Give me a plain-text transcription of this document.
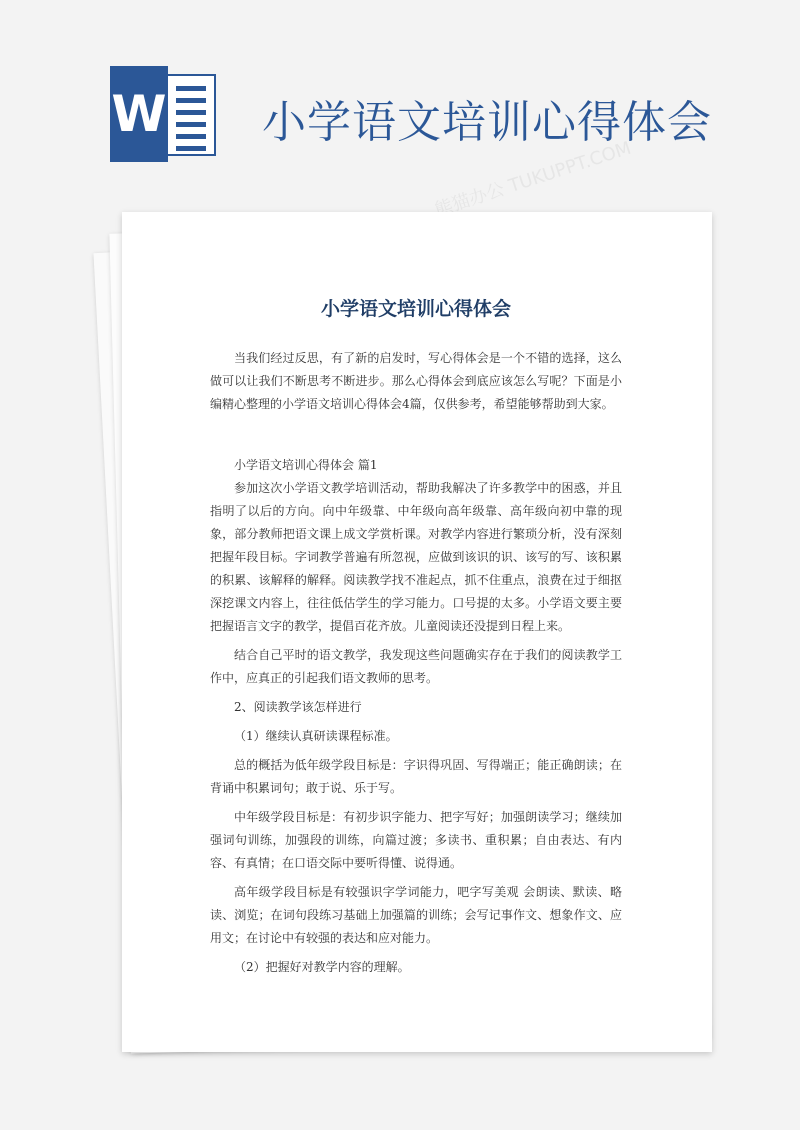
W 小学语文培训心得体会
熊猫办公 TUKUPPT.COM
小学语文培训心得体会

当我们经过反思，有了新的启发时，写心得体会是一个不错的选择，这么做可以让我们不断思考不断进步。那么心得体会到底应该怎么写呢？下面是小编精心整理的小学语文培训心得体会4篇，仅供参考，希望能够帮助到大家。

小学语文培训心得体会 篇1

参加这次小学语文教学培训活动，帮助我解决了许多教学中的困惑，并且指明了以后的方向。向中年级靠、中年级向高年级靠、高年级向初中靠的现象，部分教师把语文课上成文学赏析课。对教学内容进行繁琐分析，没有深刻把握年段目标。字词教学普遍有所忽视，应做到该识的识、该写的写、该积累的积累、该解释的解释。阅读教学找不准起点，抓不住重点，浪费在过于细抠深挖课文内容上，往往低估学生的学习能力。口号提的太多。小学语文要主要把握语言文字的教学，提倡百花齐放。儿童阅读还没提到日程上来。

结合自己平时的语文教学，我发现这些问题确实存在于我们的阅读教学工作中，应真正的引起我们语文教师的思考。

2、阅读教学该怎样进行

（1）继续认真研读课程标准。

总的概括为低年级学段目标是：字识得巩固、写得端正；能正确朗读；在背诵中积累词句；敢于说、乐于写。

中年级学段目标是：有初步识字能力、把字写好；加强朗读学习；继续加强词句训练，加强段的训练，向篇过渡；多读书、重积累；自由表达、有内容、有真情；在口语交际中要听得懂、说得通。

高年级学段目标是有较强识字学词能力，吧字写美观 会朗读、默读、略读、浏览；在词句段练习基础上加强篇的训练；会写记事作文、想象作文、应用文；在讨论中有较强的表达和应对能力。

（2）把握好对教学内容的理解。
